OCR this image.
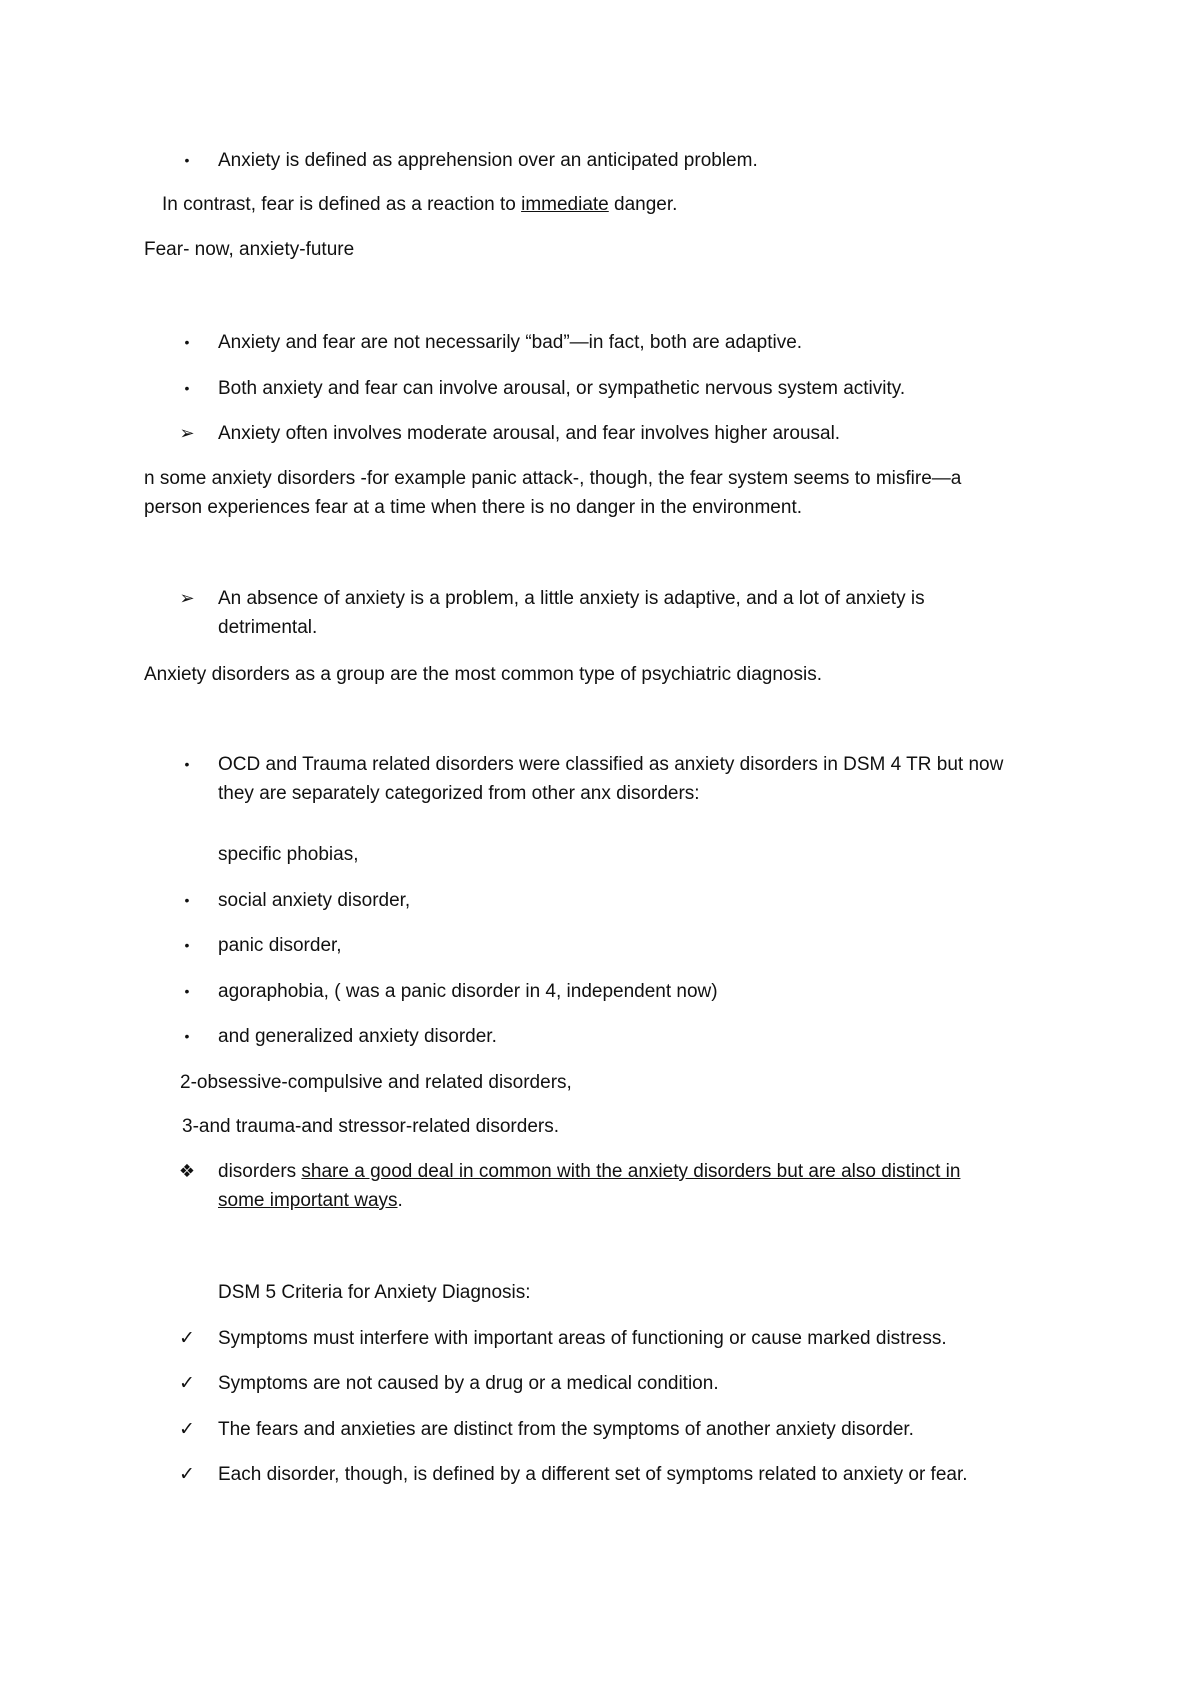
•	Anxiety is defined as apprehension over an anticipated problem.
In contrast, fear is defined as a reaction to immediate danger.
Fear- now, anxiety-future
•	Anxiety and fear are not necessarily “bad”—in fact, both are adaptive.
•	Both anxiety and fear can involve arousal, or sympathetic nervous system activity.
➢ Anxiety often involves moderate arousal, and fear involves higher arousal.
n some anxiety disorders -for example panic attack-, though, the fear system seems to misfire—a
person experiences fear at a time when there is no danger in the environment.
➢ An absence of anxiety is a problem, a little anxiety is adaptive, and a lot of anxiety is
detrimental.
Anxiety disorders as a group are the most common type of psychiatric diagnosis.
•	OCD and Trauma related disorders were classified as anxiety disorders in DSM 4 TR but now
they are separately categorized from other anx disorders:
specific phobias,
•	social anxiety disorder,
•	panic disorder,
•	agoraphobia, ( was a panic disorder in 4, independent now)
•	and generalized anxiety disorder.
2-obsessive-compulsive and related disorders,
3-and trauma-and stressor-related disorders.
❖ disorders share a good deal in common with the anxiety disorders but are also distinct in
some important ways.
DSM 5 Criteria for Anxiety Diagnosis:
✓ Symptoms must interfere with important areas of functioning or cause marked distress.
✓ Symptoms are not caused by a drug or a medical condition.
✓ The fears and anxieties are distinct from the symptoms of another anxiety disorder.
✓ Each disorder, though, is defined by a different set of symptoms related to anxiety or fear.
